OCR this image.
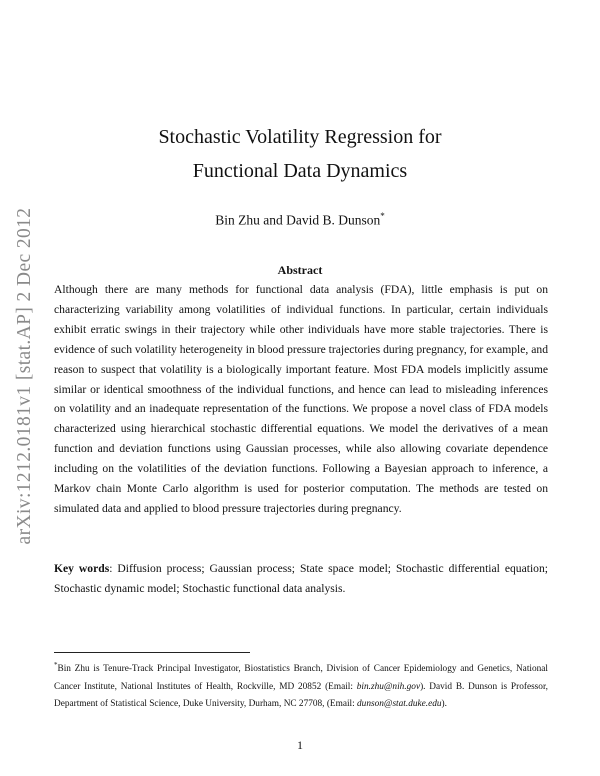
arXiv:1212.0181v1 [stat.AP] 2 Dec 2012
Stochastic Volatility Regression for
Functional Data Dynamics
Bin Zhu and David B. Dunson*
Abstract
Although there are many methods for functional data analysis (FDA), little emphasis is put on characterizing variability among volatilities of individual functions. In particular, certain individuals exhibit erratic swings in their trajectory while other individuals have more stable trajectories. There is evidence of such volatility heterogeneity in blood pressure trajectories during pregnancy, for example, and reason to suspect that volatility is a biologically important feature. Most FDA models implicitly assume similar or identical smoothness of the individual functions, and hence can lead to misleading inferences on volatility and an inadequate representation of the functions. We propose a novel class of FDA models characterized using hierarchical stochastic differential equations. We model the derivatives of a mean function and deviation functions using Gaussian processes, while also allowing covariate dependence including on the volatilities of the deviation functions. Following a Bayesian approach to inference, a Markov chain Monte Carlo algorithm is used for posterior computation. The methods are tested on simulated data and applied to blood pressure trajectories during pregnancy.
Key words: Diffusion process; Gaussian process; State space model; Stochastic differential equation; Stochastic dynamic model; Stochastic functional data analysis.
*Bin Zhu is Tenure-Track Principal Investigator, Biostatistics Branch, Division of Cancer Epidemiology and Genetics, National Cancer Institute, National Institutes of Health, Rockville, MD 20852 (Email: bin.zhu@nih.gov). David B. Dunson is Professor, Department of Statistical Science, Duke University, Durham, NC 27708, (Email: dunson@stat.duke.edu).
1
